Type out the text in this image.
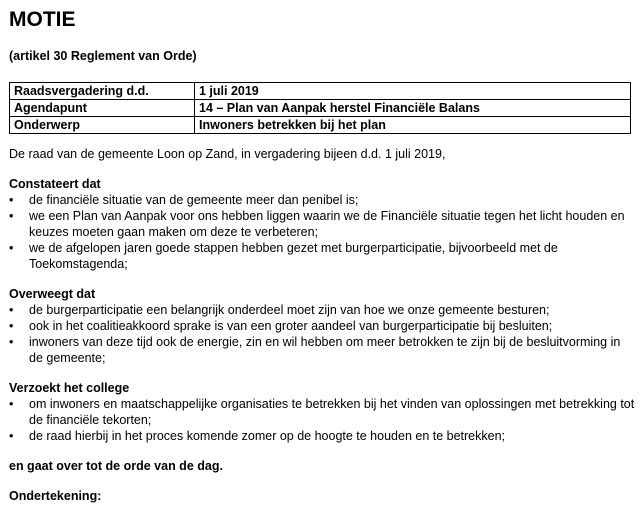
MOTIE

(artikel 30 Reglement van Orde)

Raadsvergadering d.d.	1 juli 2019
Agendapunt	14 – Plan van Aanpak herstel Financiële Balans
Onderwerp	Inwoners betrekken bij het plan

De raad van de gemeente Loon op Zand, in vergadering bijeen d.d. 1 juli 2019,

Constateert dat

•	de financiële situatie van de gemeente meer dan penibel is;
•	we een Plan van Aanpak voor ons hebben liggen waarin we de Financiële situatie tegen het licht houden en keuzes moeten gaan maken om deze te verbeteren;
•	we de afgelopen jaren goede stappen hebben gezet met burgerparticipatie, bijvoorbeeld met de Toekomstagenda;

Overweegt dat

•	de burgerparticipatie een belangrijk onderdeel moet zijn van hoe we onze gemeente besturen;
•	ook in het coalitieakkoord sprake is van een groter aandeel van burgerparticipatie bij besluiten;
•	inwoners van deze tijd ook de energie, zin en wil hebben om meer betrokken te zijn bij de besluitvorming in de gemeente;

Verzoekt het college

•	om inwoners en maatschappelijke organisaties te betrekken bij het vinden van oplossingen met betrekking tot de financiële tekorten;
•	de raad hierbij in het proces komende zomer op de hoogte te houden en te betrekken;

en gaat over tot de orde van de dag.

Ondertekening:
